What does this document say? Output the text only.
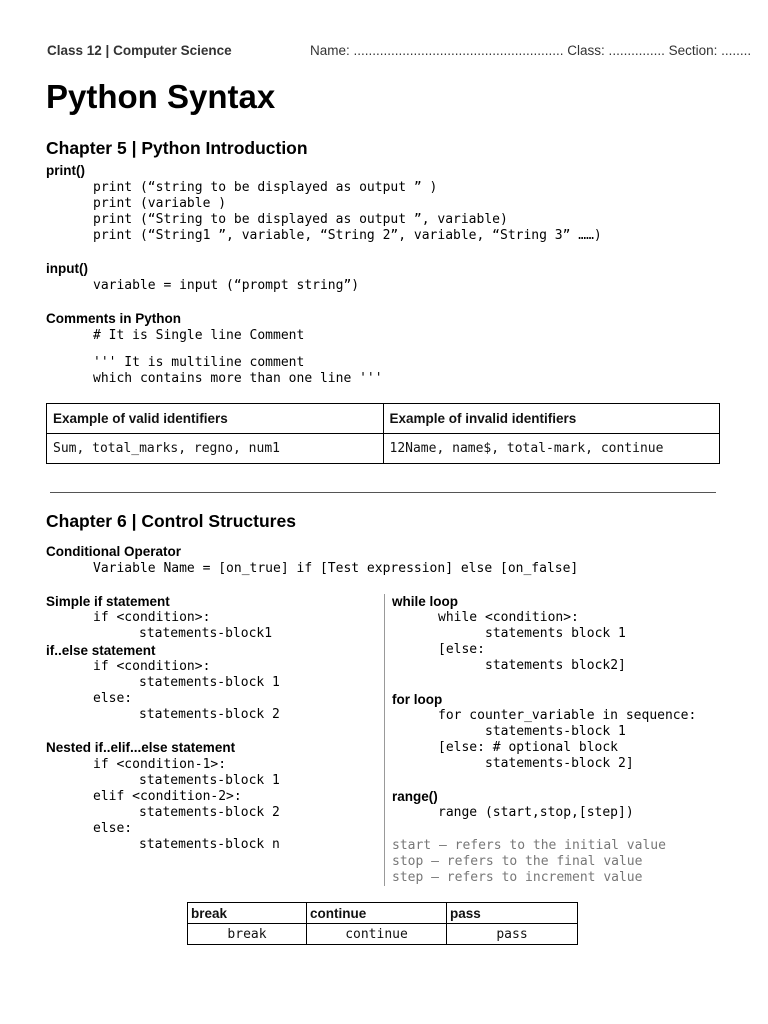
Class 12 | Computer Science	Name: ........................................................ Class: ............... Section: ........
Python Syntax
Chapter 5 | Python Introduction
print()
print (“string to be displayed as output ” )
print (variable )
print (“String to be displayed as output ”, variable)
print (“String1 ”, variable, “String 2”, variable, “String 3” ……)
input()
variable = input (“prompt string”)
Comments in Python
# It is Single line Comment
''' It is multiline comment
which contains more than one line '''
Example of valid identifiers	Example of invalid identifiers
Sum, total_marks, regno, num1	12Name, name$, total-mark, continue
Chapter 6 | Control Structures
Conditional Operator
Variable Name = [on_true] if [Test expression] else [on_false]
Simple if statement
if <condition>:
statements-block1
if..else statement
if <condition>:
statements-block 1
else:
statements-block 2
Nested if..elif...else statement
if <condition-1>:
statements-block 1
elif <condition-2>:
statements-block 2
else:
statements-block n
while loop
while <condition>:
statements block 1
[else:
statements block2]
for loop
for counter_variable in sequence:
statements-block 1
[else: # optional block
statements-block 2]
range()
range (start,stop,[step])
start – refers to the initial value
stop – refers to the final value
step – refers to increment value
break	continue	pass
break	continue	pass
